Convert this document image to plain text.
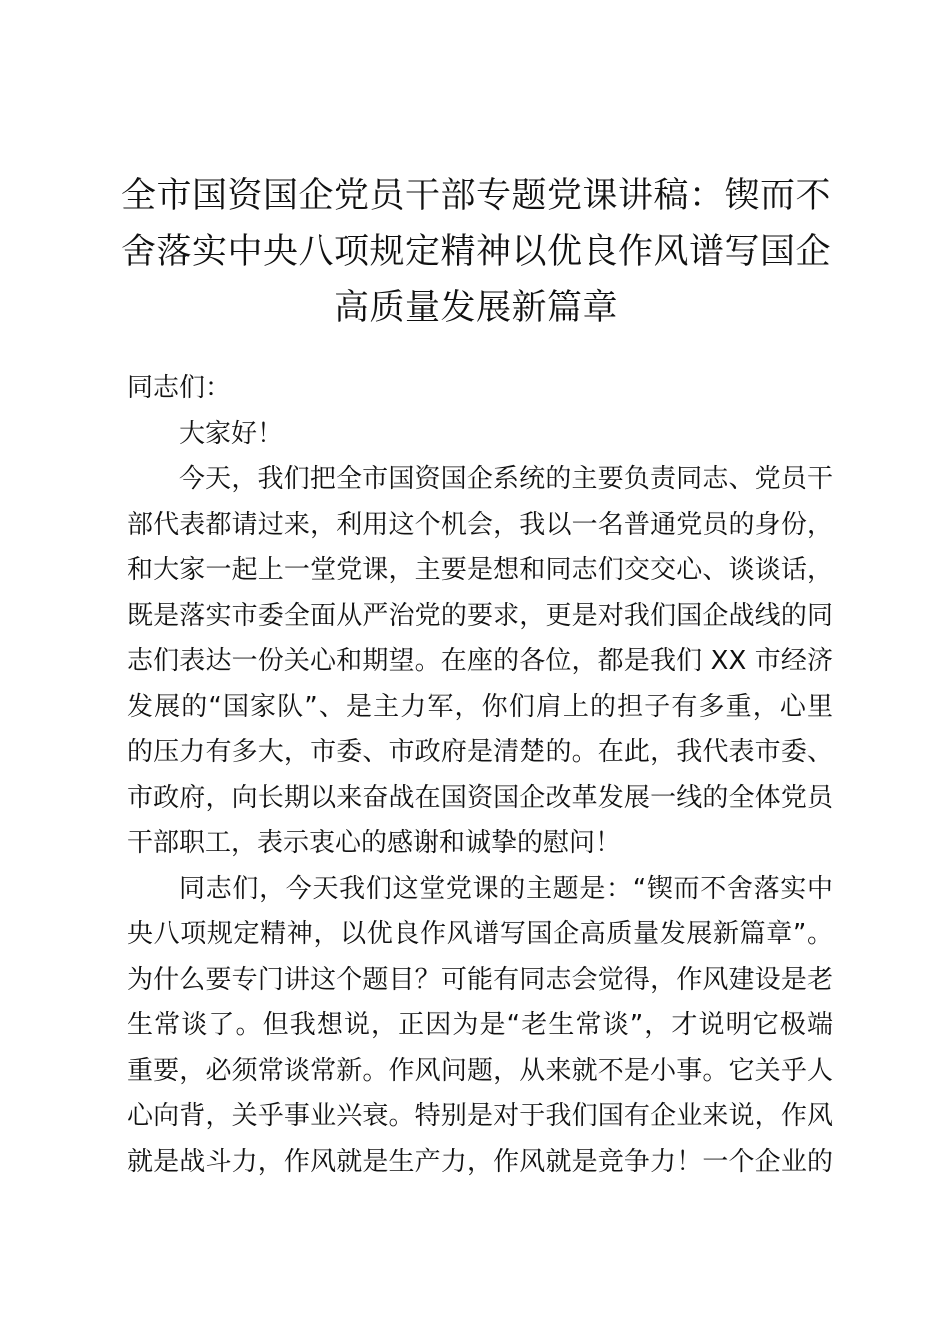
全市国资国企党员干部专题党课讲稿：锲而不
舍落实中央八项规定精神以优良作风谱写国企
高质量发展新篇章
同志们：
大家好！
今天，我们把全市国资国企系统的主要负责同志、党员干
部代表都请过来，利用这个机会，我以一名普通党员的身份，
和大家一起上一堂党课，主要是想和同志们交交心、谈谈话，
既是落实市委全面从严治党的要求，更是对我们国企战线的同
志们表达一份关心和期望。在座的各位，都是我们 XX 市经济
发展的“国家队”、是主力军，你们肩上的担子有多重，心里
的压力有多大，市委、市政府是清楚的。在此，我代表市委、
市政府，向长期以来奋战在国资国企改革发展一线的全体党员
干部职工，表示衷心的感谢和诚挚的慰问！
同志们，今天我们这堂党课的主题是：“锲而不舍落实中
央八项规定精神，以优良作风谱写国企高质量发展新篇章”。
为什么要专门讲这个题目？可能有同志会觉得，作风建设是老
生常谈了。但我想说，正因为是“老生常谈”，才说明它极端
重要，必须常谈常新。作风问题，从来就不是小事。它关乎人
心向背，关乎事业兴衰。特别是对于我们国有企业来说，作风
就是战斗力，作风就是生产力，作风就是竞争力！一个企业的
